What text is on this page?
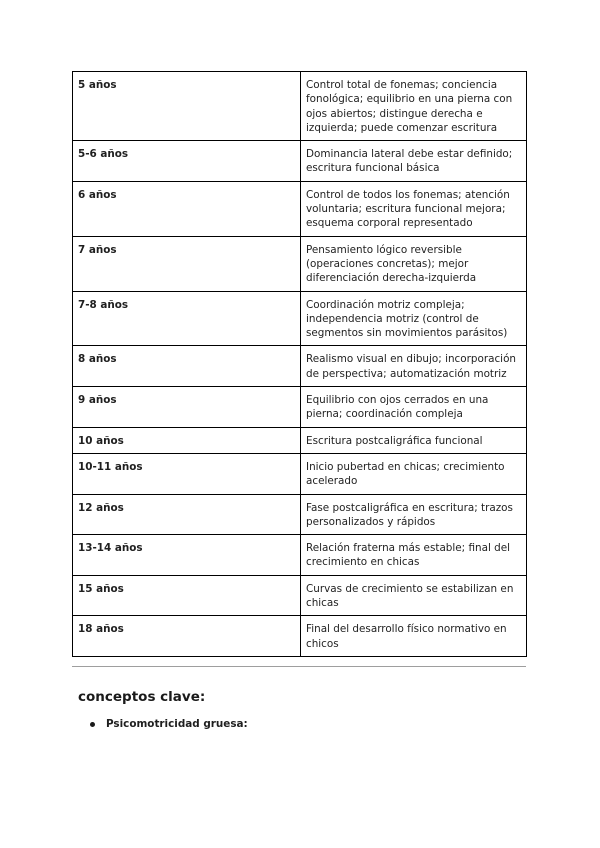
5 años	Control total de fonemas; conciencia fonológica; equilibrio en una pierna con ojos abiertos; distingue derecha e izquierda; puede comenzar escritura
5-6 años	Dominancia lateral debe estar definido; escritura funcional básica
6 años	Control de todos los fonemas; atención voluntaria; escritura funcional mejora; esquema corporal representado
7 años	Pensamiento lógico reversible (operaciones concretas); mejor diferenciación derecha-izquierda
7-8 años	Coordinación motriz compleja; independencia motriz (control de segmentos sin movimientos parásitos)
8 años	Realismo visual en dibujo; incorporación de perspectiva; automatización motriz
9 años	Equilibrio con ojos cerrados en una pierna; coordinación compleja
10 años	Escritura postcaligráfica funcional
10-11 años	Inicio pubertad en chicas; crecimiento acelerado
12 años	Fase postcaligráfica en escritura; trazos personalizados y rápidos
13-14 años	Relación fraterna más estable; final del crecimiento en chicas
15 años	Curvas de crecimiento se estabilizan en chicas
18 años	Final del desarrollo físico normativo en chicos
conceptos clave:
Psicomotricidad gruesa:
